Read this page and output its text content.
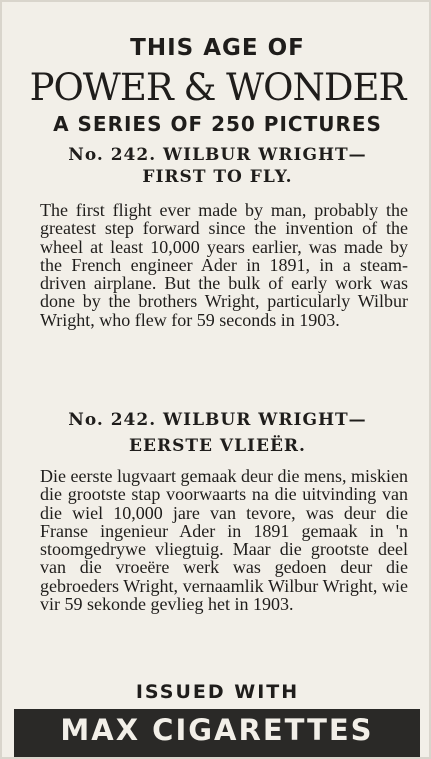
THIS AGE OF
POWER & WONDER
A SERIES OF 250 PICTURES
No. 242. WILBUR WRIGHT—
FIRST TO FLY.
The first flight ever made by man, probably the greatest step forward since the invention of the wheel at least 10,000 years earlier, was made by the French engineer Ader in 1891, in a steam-driven airplane. But the bulk of early work was done by the brothers Wright, particularly Wilbur Wright, who flew for 59 seconds in 1903.
No. 242. WILBUR WRIGHT—
EERSTE VLIEËR.
Die eerste lugvaart gemaak deur die mens, miskien die grootste stap voorwaarts na die uitvinding van die wiel 10,000 jare van tevore, was deur die Franse ingenieur Ader in 1891 gemaak in 'n stoomgedrywe vliegtuig. Maar die grootste deel van die vroeëre werk was gedoen deur die gebroeders Wright, vernaamlik Wilbur Wright, wie vir 59 sekonde gevlieg het in 1903.
ISSUED WITH
MAX CIGARETTES
